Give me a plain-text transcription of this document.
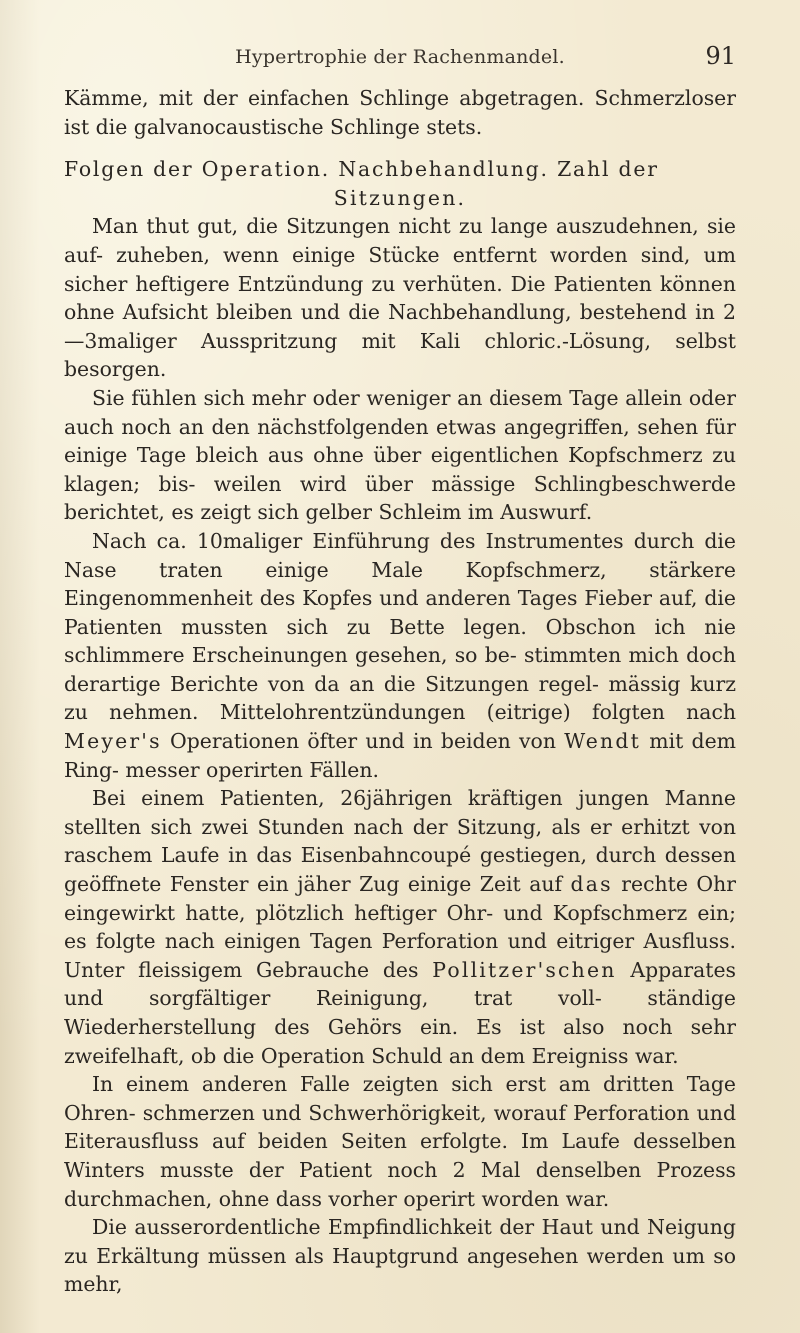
Hypertrophie der Rachenmandel.	91

Kämme, mit der einfachen Schlinge abgetragen. Schmerzloser ist die galvanocaustische Schlinge stets.

Folgen der Operation. Nachbehandlung. Zahl der
Sitzungen.

Man thut gut, die Sitzungen nicht zu lange auszudehnen, sie auf- zuheben, wenn einige Stücke entfernt worden sind, um sicher heftigere Entzündung zu verhüten. Die Patienten können ohne Aufsicht bleiben und die Nachbehandlung, bestehend in 2—3maliger Ausspritzung mit Kali chloric.-Lösung, selbst besorgen.

Sie fühlen sich mehr oder weniger an diesem Tage allein oder auch noch an den nächstfolgenden etwas angegriffen, sehen für einige Tage bleich aus ohne über eigentlichen Kopfschmerz zu klagen; bis- weilen wird über mässige Schlingbeschwerde berichtet, es zeigt sich gelber Schleim im Auswurf.

Nach ca. 10maliger Einführung des Instrumentes durch die Nase traten einige Male Kopfschmerz, stärkere Eingenommenheit des Kopfes und anderen Tages Fieber auf, die Patienten mussten sich zu Bette legen. Obschon ich nie schlimmere Erscheinungen gesehen, so be- stimmten mich doch derartige Berichte von da an die Sitzungen regel- mässig kurz zu nehmen. Mittelohrentzündungen (eitrige) folgten nach Meyer's Operationen öfter und in beiden von Wendt mit dem Ring- messer operirten Fällen.

Bei einem Patienten, 26jährigen kräftigen jungen Manne stellten sich zwei Stunden nach der Sitzung, als er erhitzt von raschem Laufe in das Eisenbahncoupé gestiegen, durch dessen geöffnete Fenster ein jäher Zug einige Zeit auf das rechte Ohr eingewirkt hatte, plötzlich heftiger Ohr- und Kopfschmerz ein; es folgte nach einigen Tagen Perforation und eitriger Ausfluss. Unter fleissigem Gebrauche des Pollitzer'schen Apparates und sorgfältiger Reinigung, trat voll- ständige Wiederherstellung des Gehörs ein. Es ist also noch sehr zweifelhaft, ob die Operation Schuld an dem Ereigniss war.

In einem anderen Falle zeigten sich erst am dritten Tage Ohren- schmerzen und Schwerhörigkeit, worauf Perforation und Eiterausfluss auf beiden Seiten erfolgte. Im Laufe desselben Winters musste der Patient noch 2 Mal denselben Prozess durchmachen, ohne dass vorher operirt worden war.

Die ausserordentliche Empfindlichkeit der Haut und Neigung zu Erkältung müssen als Hauptgrund angesehen werden um so mehr,
